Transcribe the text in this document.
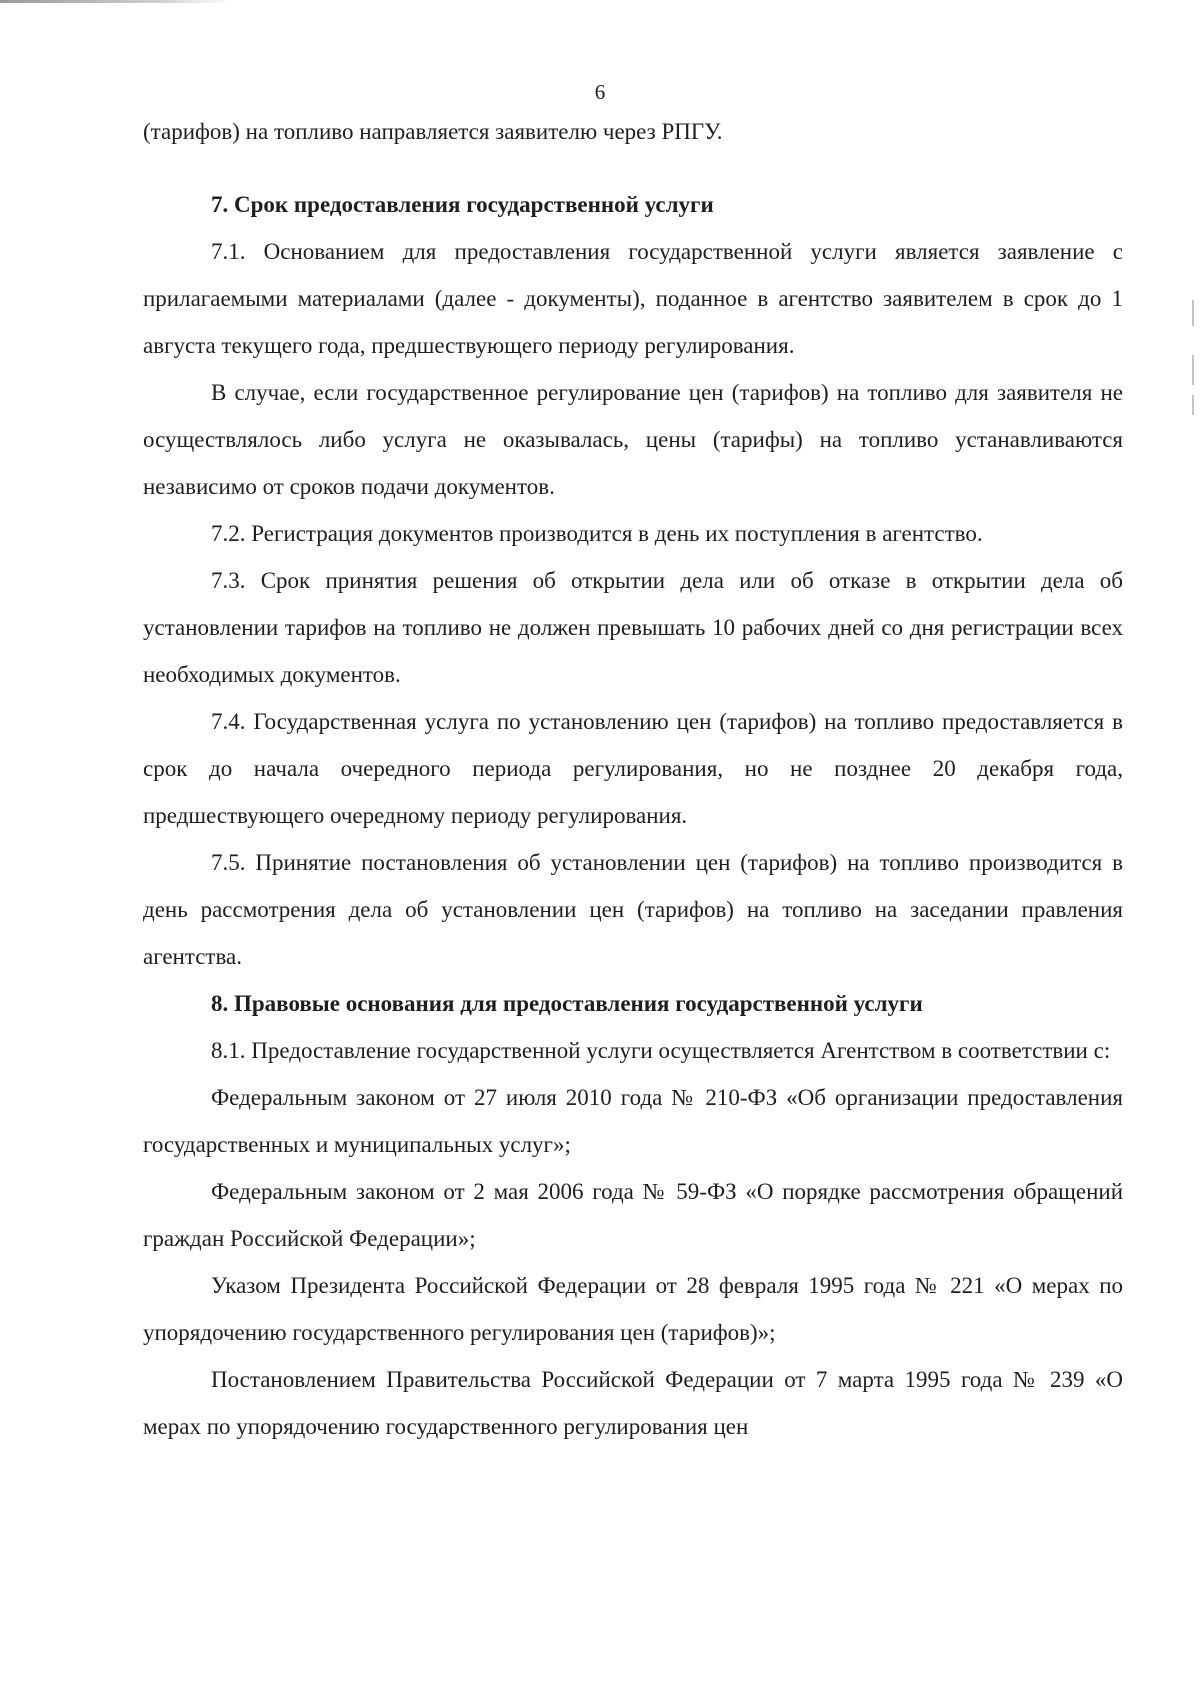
6

(тарифов) на топливо направляется заявителю через РПГУ.

7. Срок предоставления государственной услуги

7.1. Основанием для предоставления государственной услуги является заявление с прилагаемыми материалами (далее - документы), поданное в агентство заявителем в срок до 1 августа текущего года, предшествующего периоду регулирования.

В случае, если государственное регулирование цен (тарифов) на топливо для заявителя не осуществлялось либо услуга не оказывалась, цены (тарифы) на топливо устанавливаются независимо от сроков подачи документов.

7.2. Регистрация документов производится в день их поступления в агентство.

7.3. Срок принятия решения об открытии дела или об отказе в открытии дела об установлении тарифов на топливо не должен превышать 10 рабочих дней со дня регистрации всех необходимых документов.

7.4. Государственная услуга по установлению цен (тарифов) на топливо предоставляется в срок до начала очередного периода регулирования, но не позднее 20 декабря года, предшествующего очередному периоду регулирования.

7.5. Принятие постановления об установлении цен (тарифов) на топливо производится в день рассмотрения дела об установлении цен (тарифов) на топливо на заседании правления агентства.

8. Правовые основания для предоставления государственной услуги

8.1. Предоставление государственной услуги осуществляется Агентством в соответствии с:

Федеральным законом от 27 июля 2010 года № 210-ФЗ «Об организации предоставления государственных и муниципальных услуг»;

Федеральным законом от 2 мая 2006 года № 59-ФЗ «О порядке рассмотрения обращений граждан Российской Федерации»;

Указом Президента Российской Федерации от 28 февраля 1995 года № 221 «О мерах по упорядочению государственного регулирования цен (тарифов)»;

Постановлением Правительства Российской Федерации от 7 марта 1995 года № 239 «О мерах по упорядочению государственного регулирования цен
